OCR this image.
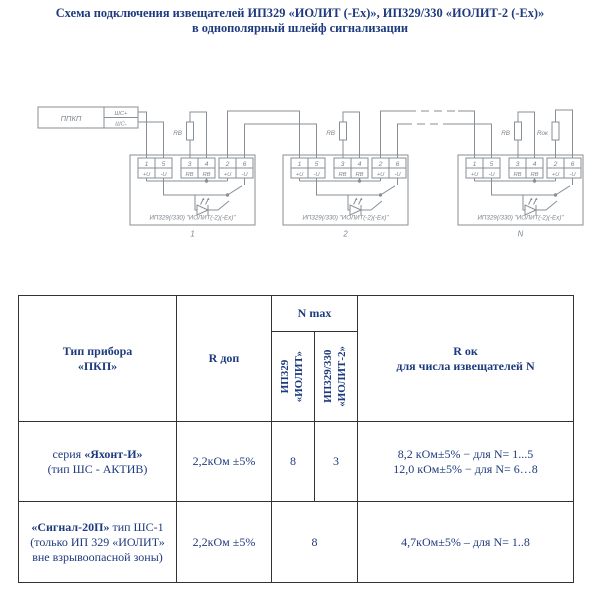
Схема подключения извещателей ИП329 «ИОЛИТ (-Ex)», ИП329/330 «ИОЛИТ-2 (-Ex)»
в однополярный шлейф сигнализации
ППКП	ШС+
ШС-
1
+U
5
-U
3
RВ
4
RВ
2
+U
6
-U
RВ
ИП329(/330) "ИОЛИТ(-2)(-Ex)"
1
1
+U
5
-U
3
RВ
4
RВ
2
+U
6
-U
RВ
ИП329(/330) "ИОЛИТ(-2)(-Ex)"
2
1
+U
5
-U
3
RВ
4
RВ
2
+U
6
-U
RВ	Rок
ИП329(/330) "ИОЛИТ(-2)(-Ex)"
N
Тип прибора
«ПКП»	R доп	N max		R ок
для числа извещателей N

		ИП329 «ИОЛИТ»	ИП329/330 «ИОЛИТ-2»	

серия «Яхонт-И»
(тип ШС - АКТИВ)	2,2кОм ±5%	8	3	8,2 кОм±5% − для N= 1...5
12,0 кОм±5% − для N= 6…8

«Сигнал-20П» тип ШС-1
(только ИП 329 «ИОЛИТ»
вне взрывоопасной зоны)	2,2кОм ±5%	8		4,7кОм±5% – для N= 1..8
